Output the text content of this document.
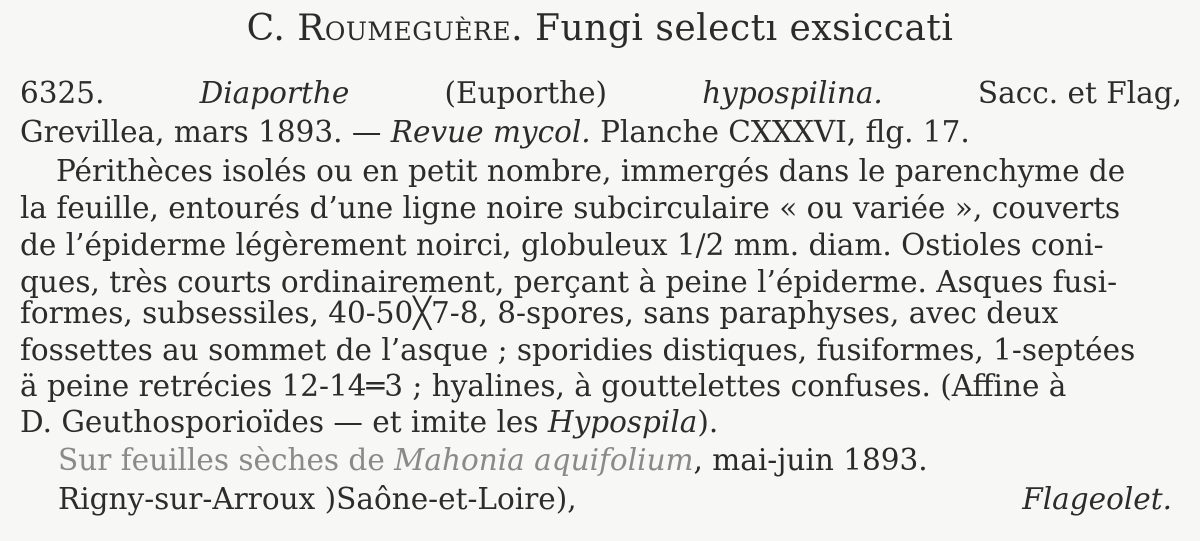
C. Roumeguère. Fungi selectı exsiccati
6325.	Diaporthe	(Euporthe)	hypospilina.	Sacc. et Flag,
Grevillea, mars 1893. — Revue mycol. Planche CXXXVI, flg. 17.
Périthèces isolés ou en petit nombre, immergés dans le parenchyme de
la feuille, entourés d’une ligne noire subcirculaire « ou variée », couverts
de l’épiderme légèrement noirci, globuleux 1/2 mm. diam. Ostioles coni-
ques, très courts ordinairement, perçant à peine l’épiderme. Asques fusi-
formes, subsessiles, 40-50╳7-8, 8-spores, sans paraphyses, avec deux
fossettes au sommet de l’asque ; sporidies distiques, fusiformes, 1-septées
ä peine retrécies 12-14═3 ; hyalines, à gouttelettes confuses. (Affine à
D. Geuthosporioïdes — et imite les Hypospila).
Sur feuilles sèches de Mahonia aquifolium, mai-juin 1893.
Rigny-sur-Arroux )Saône-et-Loire),	Flageolet.
